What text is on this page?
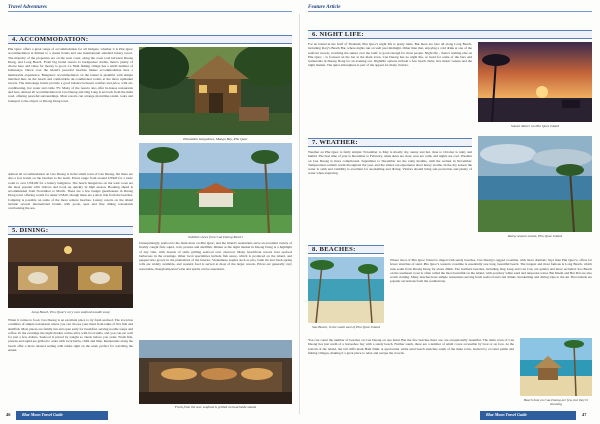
Travel Adventures
4. ACCOMMODATION:
Phu Quoc offers a great range of accommodation for all budgets, whether it is Phu Quoc accommodation is limited to a dozen hotels and one international standard luxury resort. The majority of the properties are on the west coast, along the coast road between Duong Dong, and Long Beach. From big brand resorts to backpacker dorms, there's plenty of choice here and value for money is good. Ca Ninh fishing village has a small number of homestays. Dawn over the island's peaceful beaches makes accommodation here a memorable experience. Bungalow accommodation on the island is plentiful with simple thatched huts on the beach and comfortable air-conditioned rooms at the more upmarket resorts. The mid-range hotels provide a good balance between comfort and price, with air-conditioning, hot water and cable TV. Many of the resorts also offer in-house restaurants and bars. Almost all accommodation in Cua Duong and Ong Lang is set back from the main road, offering peaceful surroundings. Most resorts can arrange motorbike rental, tours and transport to the airport or Duong Dong town.
Plantation bungalows, Mango Bay, Phu Quoc
Sublime views from Cua Duong Resort
5. DINING:
Long Beach, Phu Quoc's very own seafood noodle soup
When it comes to food, Cua Duong is an excellent place to try fresh seafood. The town has a number of simple restaurants where you can choose your meal from tanks of live fish and shellfish. Most places are family run and open early for breakfast, serving noodle soups and coffee. In the evenings the night market comes alive with food stalls, and you can eat well for just a few dollars. Seafood is priced by weight so check before you order. Fresh fish, prawns and squid are grilled to order with local herbs, chilli and lime. Restaurants along the beach offer a more relaxed setting with tables right on the sand, perfect for watching the sunset.
Unsurprisingly, seafood is the main draw on Phu Quoc, and the island's restaurants serve an excellent variety of freshly caught fish, squid, crab, prawns and shellfish. Dinner at the night market in Duong Dong is a highlight of any visit, with dozens of stalls grilling seafood over charcoal. Many beachfront resorts host seafood barbecues in the evenings. Other local specialities include fish sauce, which is produced on the island, and peppercorns grown in the plantations of the interior. Vietnamese staples such as pho, banh mi and fresh spring rolls are widely available, and western food is served at most of the larger resorts. Prices are generally very reasonable, though imported wine and spirits can be expensive.
Fresh from the sea: seafood is grilled on beachside stands
Almost all accommodation on Cua Duong is in the small town of Cua Duong, but there are also a few hotels on the beaches to the north. Prices range from around US$20 for a basic room to over US$100 for a luxury bungalow. The beach bungalows on the west coast are the most popular with visitors and book up quickly in high season. Booking ahead is recommended from November to March. There are a few budget guesthouses in Duong Dong town offering rooms for under US$10, though these are a short ride from the beaches. Camping is possible on some of the more remote beaches. Luxury resorts on the island include several international brands with pools, spas and fine dining restaurants overlooking the sea.
46	Blue Moon Travel Guide
Feature Article
6. NIGHT LIFE:
For an island in the Gulf of Thailand, Phu Quoc's night life is pretty tame. But there are bars all along Long Beach, including Rory's Beach Bar, where nights run on well past midnight. Other than that, enjoying a cold drink at one of the seafront resorts, watching the sunset over the Gulf, is good enough for most people. Night life - there's nothing else on Phu Quoc - is focused on the bar at the main town. Cua Duong has no night life, so head for some of the bars and restaurants in Duong Dong for an evening out. Nightlife options include a few beach clubs, live music venues and the night market. The quiet atmosphere is part of the appeal for many visitors.
Sunset dinner on Phu Quoc Island
7. WEATHER:
Weather on Phu Quoc is fairly simple: November to May is mostly dry, sunny and hot. June to October is rainy and humid. The best time of year is December to February, when skies are clear, seas are calm, and nights are cool. Weather on Cua Duong is more complicated. September to December are the rainy months, with the wettest in November. Temperatures remain warm throughout the year, and the island can experience short heavy storms. In the dry season the water is calm and visibility is excellent for snorkelling and diving. Visitors should bring sun protection and plenty of water when exploring.
Rainy season sunset, Phu Quoc Island
8. BEACHES:
Sao Beach, in the south east of Phu Quoc Island
Where most of Phu Quoc Island is ringed with sandy beaches, Cua Duong's rugged coastline, with more dramatic bays than Phu Quoc's, offers far fewer stretches of sand. Phu Quoc's western coastline is essentially one long, beautiful beach. The longest and most famous is Long Beach, which runs south from Duong Dong for about 20km. The northern beaches, including Ong Lang and Cua Can, are quieter and more secluded. Sao Beach on the southeast coast is often called the most beautiful on the island, with powdery white sand and turquoise water. Bai Khem and Bai Dai are also worth visiting. Many beaches have simple restaurants serving fresh seafood and cold drinks. Snorkelling and diving trips to the An Thoi islands are popular excursions from the southern tip.
You can count the number of beaches on Cua Duong on one hand. But the few beaches there are, are exceptionally beautiful. The main town of Cua Duong lies just north of a horseshoe bay with a sandy beach. Further south, there are a number of small coves accessible by boat or on foot. At the bottom of the island, the tall cliffs mark Ham Ninh. A spectacular white sand beach stretches south of the main town, backed by coconut palms and fishing villages, making it a great place to relax and escape the crowds.
Beach huts on Cua Duong are few, but they're stunning
Blue Moon Travel Guide	47
